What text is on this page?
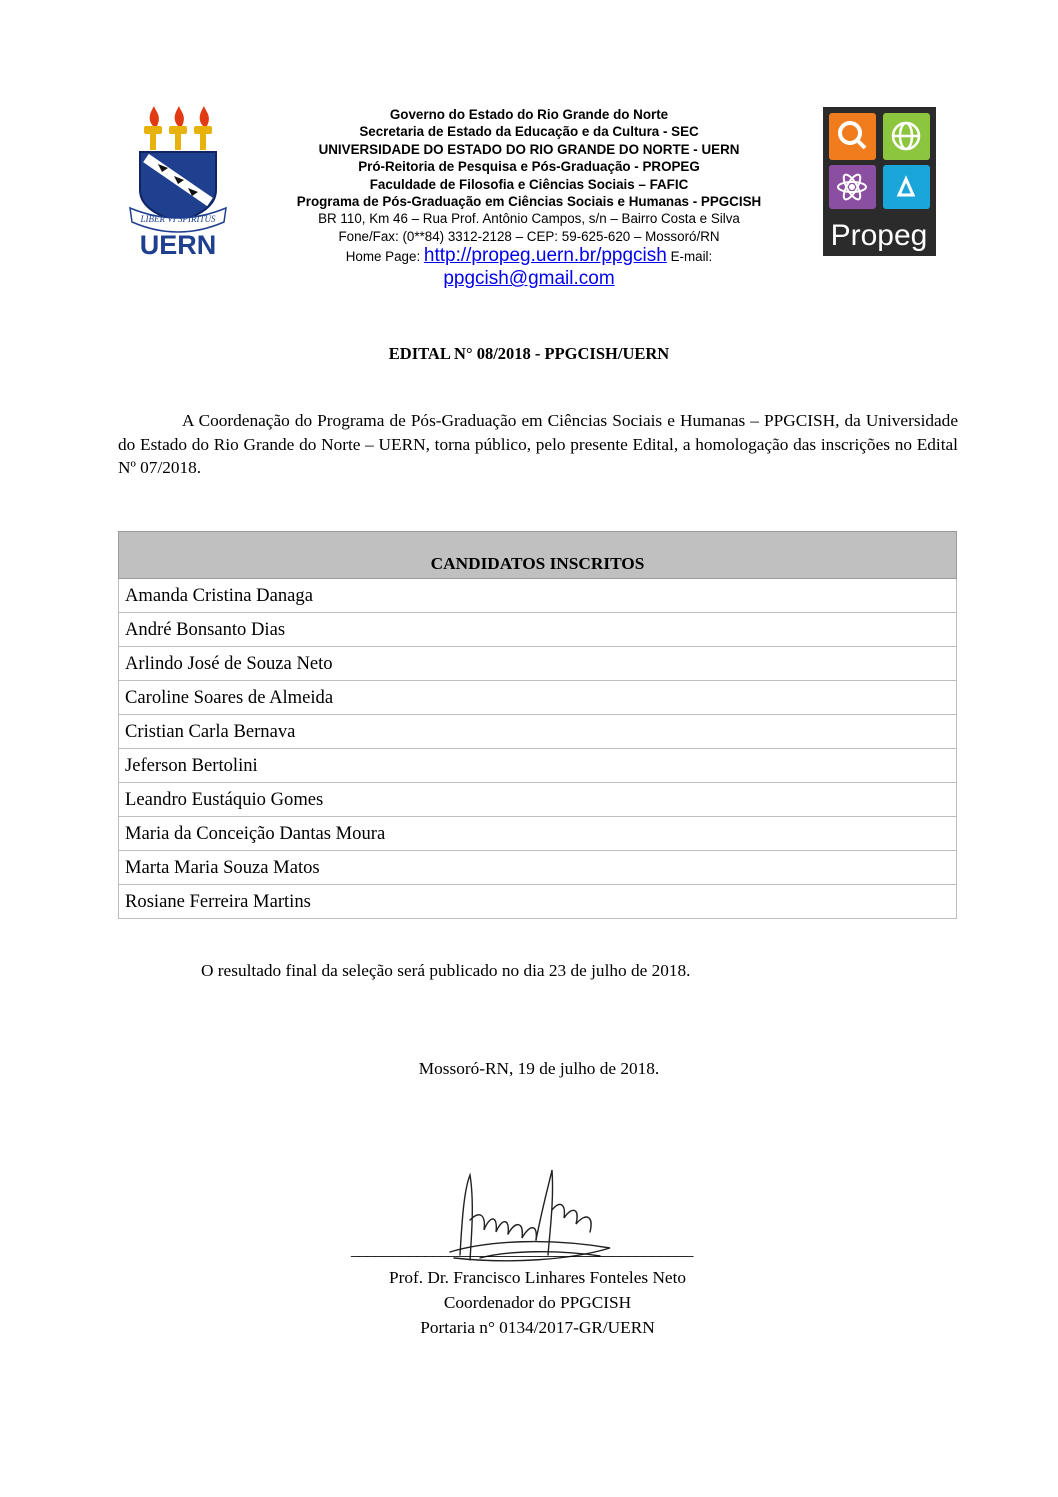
LIBER VI SPIRITUS
UERN
Governo do Estado do Rio Grande do Norte
Secretaria de Estado da Educação e da Cultura - SEC
UNIVERSIDADE DO ESTADO DO RIO GRANDE DO NORTE - UERN
Pró-Reitoria de Pesquisa e Pós-Graduação - PROPEG
Faculdade de Filosofia e Ciências Sociais – FAFIC
Programa de Pós-Graduação em Ciências Sociais e Humanas - PPGCISH
BR 110, Km 46 – Rua Prof. Antônio Campos, s/n – Bairro Costa e Silva
Fone/Fax: (0**84) 3312-2128 – CEP: 59-625-620 – Mossoró/RN
Home Page: http://propeg.uern.br/ppgcish E-mail:
ppgcish@gmail.com
Propeg
EDITAL N° 08/2018 - PPGCISH/UERN

A Coordenação do Programa de Pós-Graduação em Ciências Sociais e Humanas – PPGCISH, da Universidade do Estado do Rio Grande do Norte – UERN, torna público, pelo presente Edital, a homologação das inscrições no Edital Nº 07/2018.

CANDIDATOS INSCRITOS
Amanda Cristina Danaga
André Bonsanto Dias
Arlindo José de Souza Neto
Caroline Soares de Almeida
Cristian Carla Bernava
Jeferson Bertolini
Leandro Eustáquio Gomes
Maria da Conceição Dantas Moura
Marta Maria Souza Matos
Rosiane Ferreira Martins
O resultado final da seleção será publicado no dia 23 de julho de 2018.
Mossoró-RN, 19 de julho de 2018.
__________________________________________
Prof. Dr. Francisco Linhares Fonteles Neto
Coordenador do PPGCISH
Portaria n° 0134/2017-GR/UERN
